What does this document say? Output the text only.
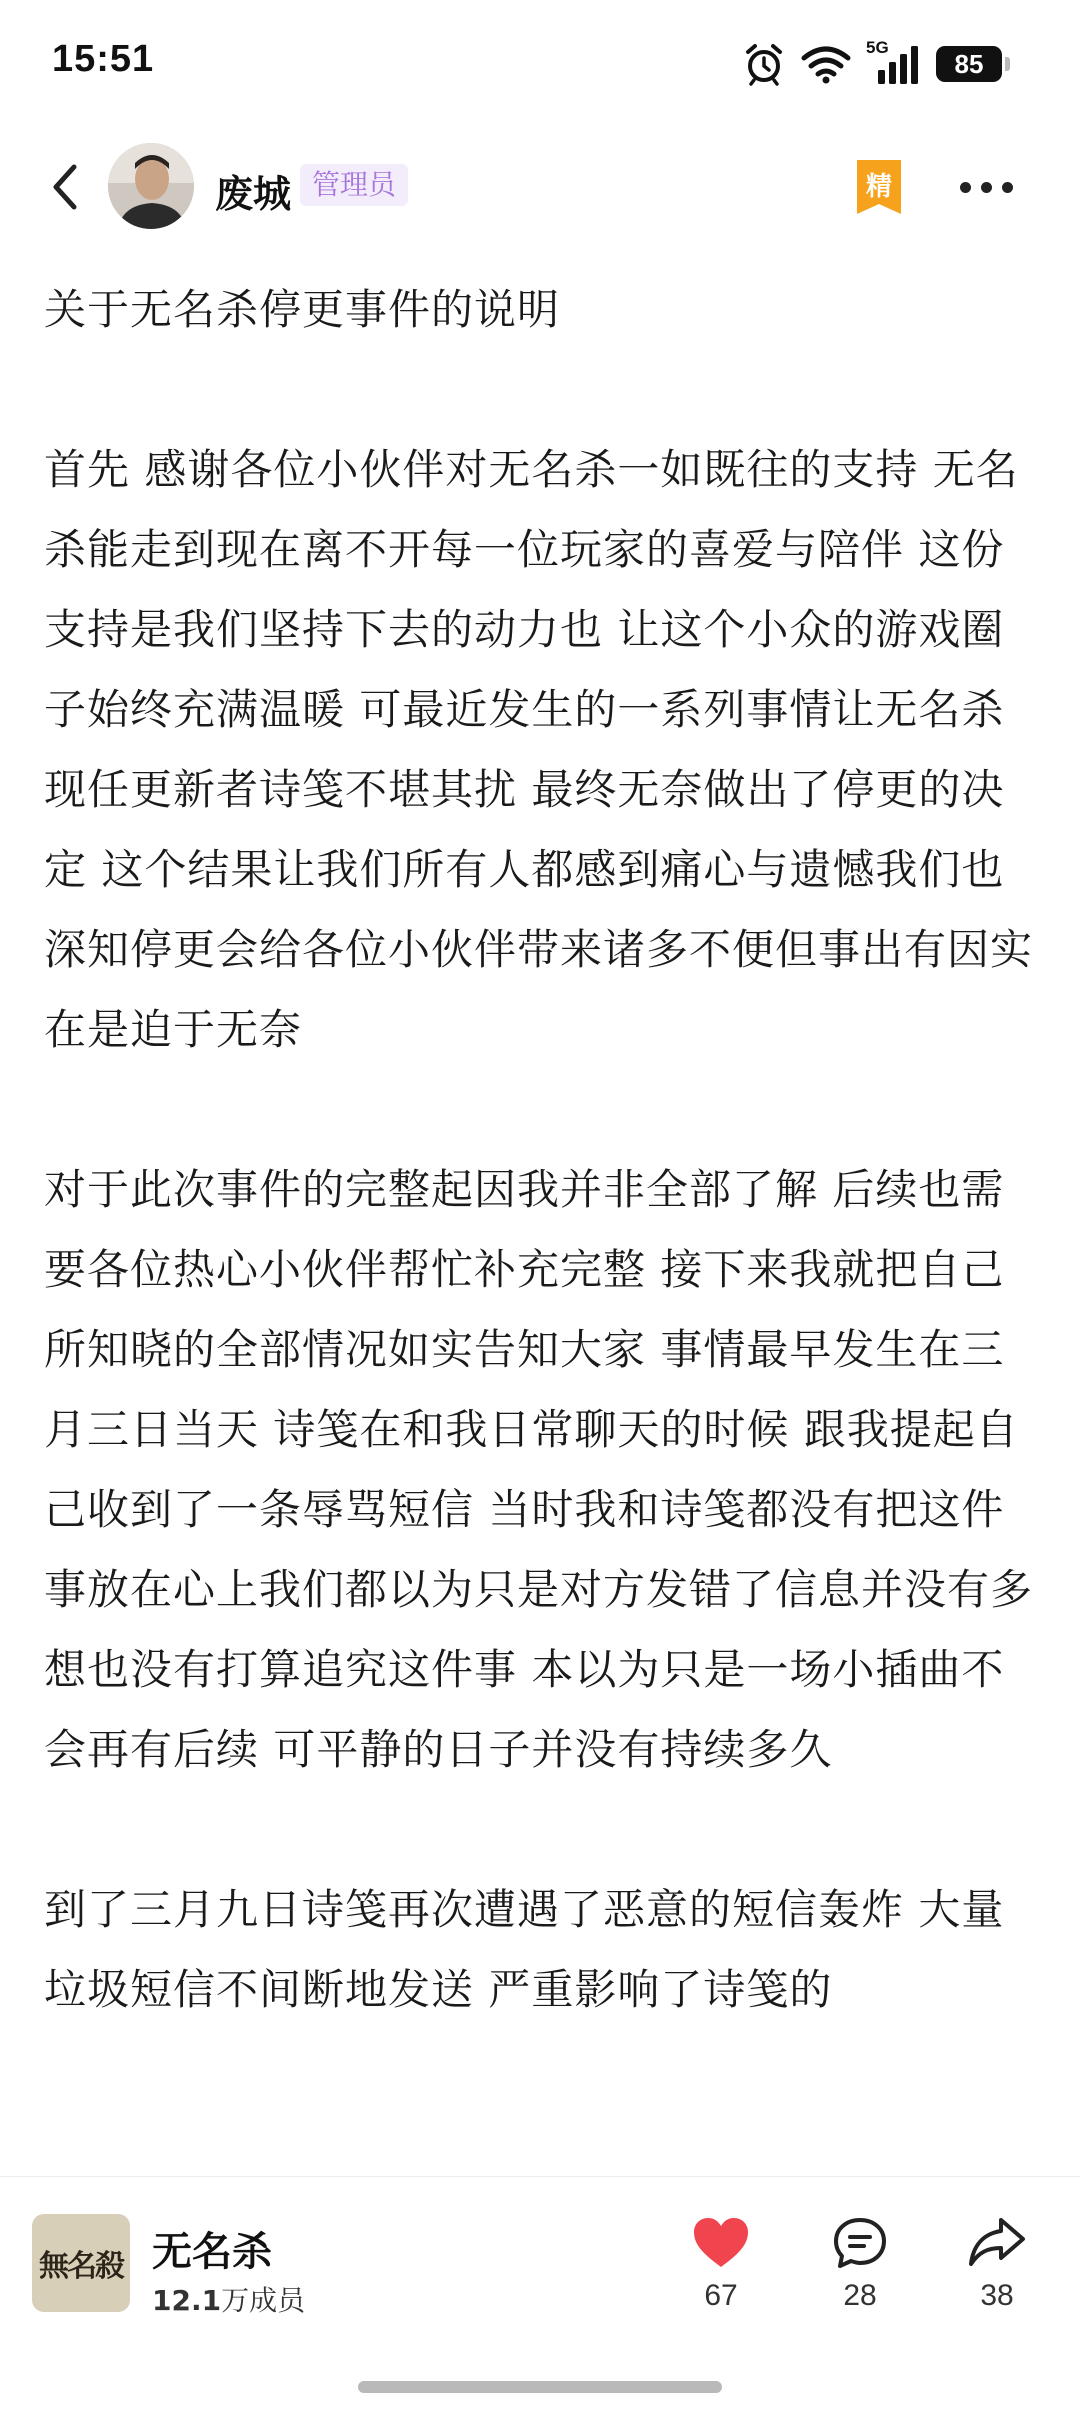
15:51	5G
85
废城 管理员	精

关于无名杀停更事件的说明

首先 感谢各位小伙伴对无名杀一如既往的支持 无名杀能走到现在离不开每一位玩家的喜爱与陪伴 这份支持是我们坚持下去的动力也 让这个小众的游戏圈子始终充满温暖 可最近发生的一系列事情让无名杀现任更新者诗笺不堪其扰 最终无奈做出了停更的决定 这个结果让我们所有人都感到痛心与遗憾我们也深知停更会给各位小伙伴带来诸多不便但事出有因实在是迫于无奈

对于此次事件的完整起因我并非全部了解 后续也需要各位热心小伙伴帮忙补充完整 接下来我就把自己所知晓的全部情况如实告知大家 事情最早发生在三月三日当天 诗笺在和我日常聊天的时候 跟我提起自己收到了一条辱骂短信 当时我和诗笺都没有把这件事放在心上我们都以为只是对方发错了信息并没有多想也没有打算追究这件事 本以为只是一场小插曲不会再有后续 可平静的日子并没有持续多久

到了三月九日诗笺再次遭遇了恶意的短信轰炸 大量垃圾短信不间断地发送 严重影响了诗笺的

無名殺 无名杀
12.1万成员	67	28	38
